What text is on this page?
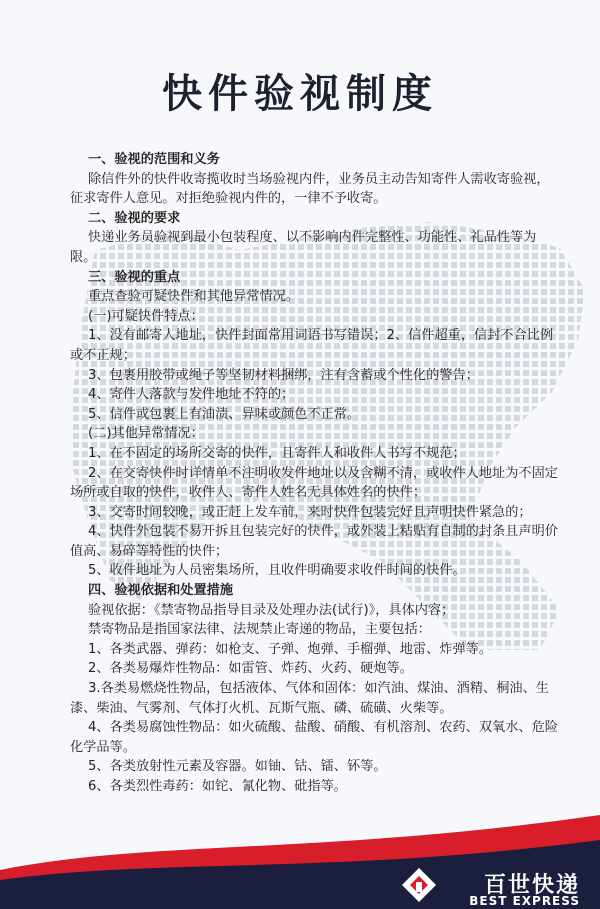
快件验视制度

一、验视的范围和义务

除信件外的快件收寄揽收时当场验视内件，业务员主动告知寄件人需收寄验视，征求寄件人意见。对拒绝验视内件的，一律不予收寄。

二、验视的要求

快递业务员验视到最小包装程度、以不影响内件完整性、功能性、礼品性等为限。

三、验视的重点

重点查验可疑快件和其他异常情况。

(一)可疑快件特点：

1、没有邮寄人地址，快件封面常用词语书写错误；2、信件超重，信封不合比例或不正规；

3、包裹用胶带或绳子等坚韧材料捆绑，注有含蓄或个性化的警告；

4、寄件人落款与发件地址不符的；

5、信件或包裹上有油渍、异味或颜色不正常。

(二)其他异常情况：

1、在不固定的场所交寄的快件，且寄件人和收件人书写不规范；

2、在交寄快件时详情单不注明收发件地址以及含糊不清，或收件人地址为不固定场所或自取的快件，收件人、寄件人姓名无具体姓名的快件；

3、交寄时间较晚，或正赶上发车前，来时快件包装完好且声明快件紧急的；

4、快件外包装不易开拆且包装完好的快件，或外装上粘贴有自制的封条且声明价值高、易碎等特性的快件；

5、收件地址为人员密集场所，且收件明确要求收件时间的快件。

四、验视依据和处置措施

验视依据：《禁寄物品指导目录及处理办法(试行)》，具体内容；

禁寄物品是指国家法律、法规禁止寄递的物品，主要包括：

1、各类武器、弹药：如枪支、子弹、炮弹、手榴弹、地雷、炸弹等。

2、各类易爆炸性物品：如雷管、炸药、火药、硬炮等。

3.各类易燃烧性物品，包括液体、气体和固体：如汽油、煤油、酒精、桐油、生漆、柴油、气雾剂、气体打火机、瓦斯气瓶、磷、硫磺、火柴等。

4、各类易腐蚀性物品：如火硫酸、盐酸、硝酸、有机溶剂、农药、双氧水、危险化学品等。

5、各类放射性元素及容器。如铀、钴、镭、钚等。

6、各类烈性毒药：如铊、氰化物、砒指等。

百世快递
BEST EXPRESS
